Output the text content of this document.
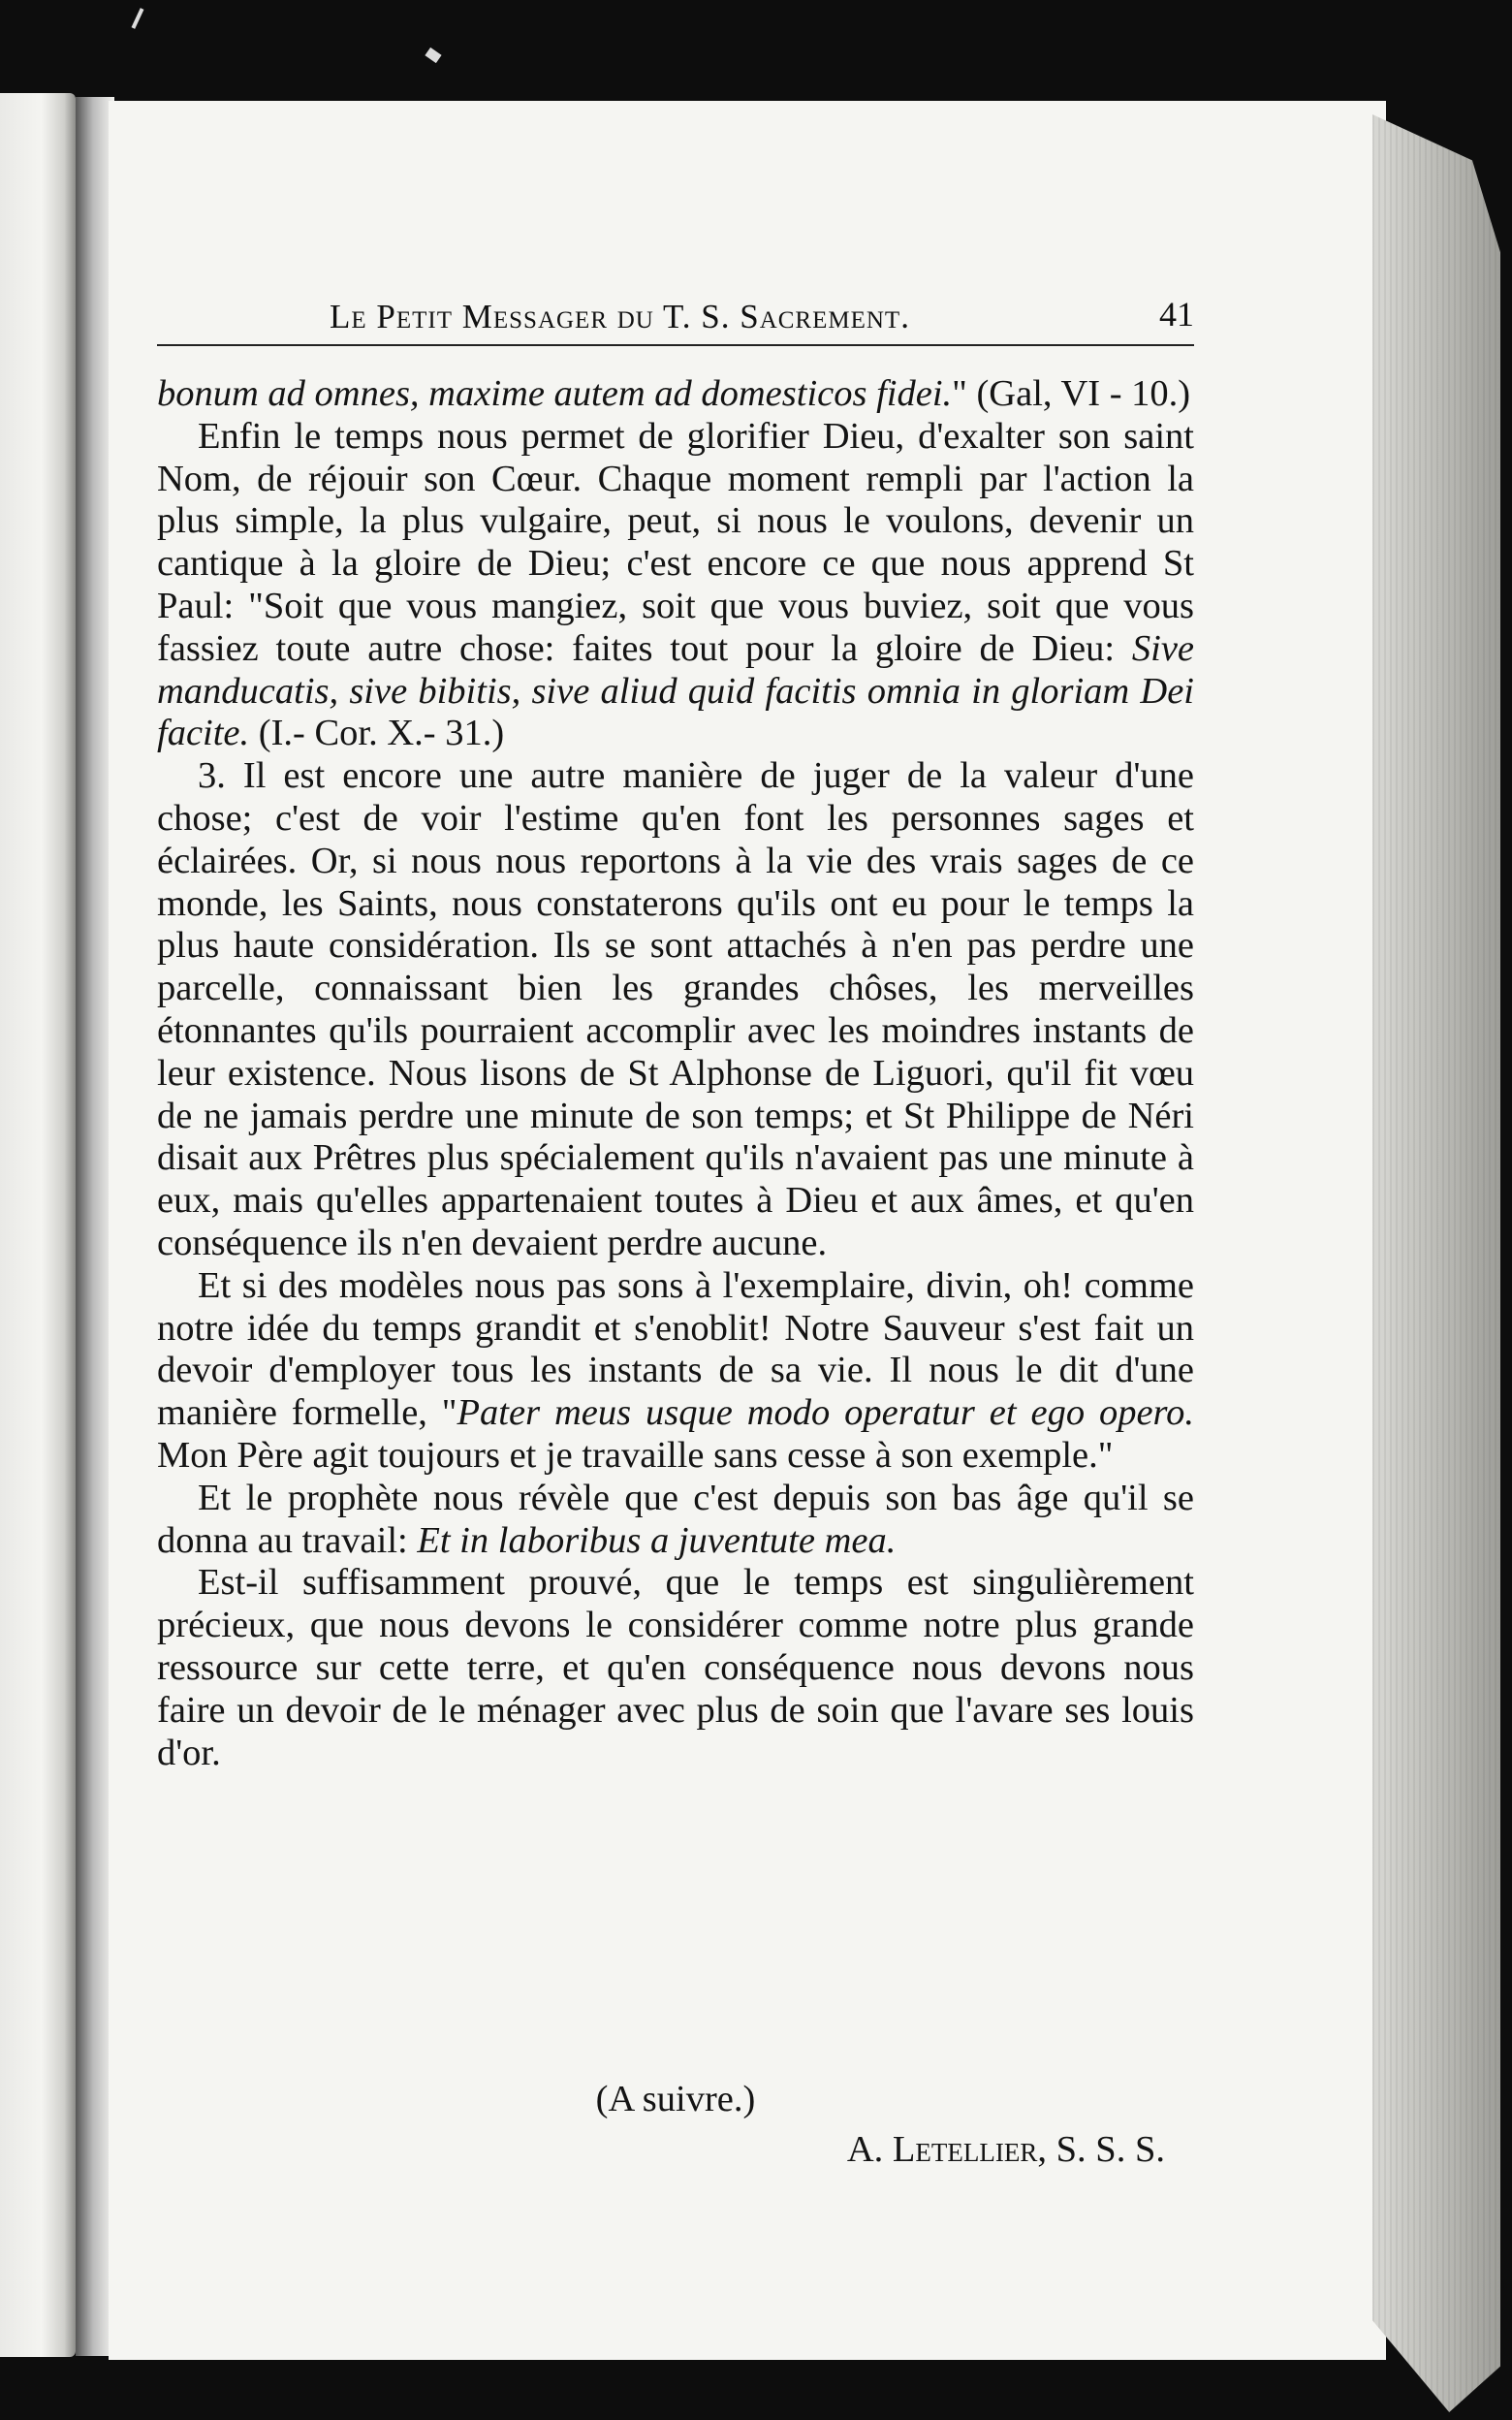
Le Petit Messager du T. S. Sacrement.	41

bonum ad omnes, maxime autem ad domesticos fidei." (Gal, VI - 10.)

Enfin le temps nous permet de glorifier Dieu, d'exalter son saint Nom, de réjouir son Cœur. Chaque moment rempli par l'action la plus simple, la plus vulgaire, peut, si nous le voulons, devenir un cantique à la gloire de Dieu; c'est encore ce que nous apprend St Paul: "Soit que vous mangiez, soit que vous buviez, soit que vous fassiez toute autre chose: faites tout pour la gloire de Dieu: Sive manducatis, sive bibitis, sive aliud quid facitis omnia in gloriam Dei facite. (I.- Cor. X.- 31.)

3. Il est encore une autre manière de juger de la valeur d'une chose; c'est de voir l'estime qu'en font les personnes sages et éclairées. Or, si nous nous reportons à la vie des vrais sages de ce monde, les Saints, nous constaterons qu'ils ont eu pour le temps la plus haute considération. Ils se sont attachés à n'en pas perdre une parcelle, connaissant bien les grandes chôses, les merveilles étonnantes qu'ils pourraient accomplir avec les moindres instants de leur existence. Nous lisons de St Alphonse de Liguori, qu'il fit vœu de ne jamais perdre une minute de son temps; et St Philippe de Néri disait aux Prêtres plus spécialement qu'ils n'avaient pas une minute à eux, mais qu'elles appartenaient toutes à Dieu et aux âmes, et qu'en conséquence ils n'en devaient perdre aucune.

Et si des modèles nous pas sons à l'exemplaire, divin, oh! comme notre idée du temps grandit et s'enoblit! Notre Sauveur s'est fait un devoir d'employer tous les instants de sa vie. Il nous le dit d'une manière formelle, "Pater meus usque modo operatur et ego opero. Mon Père agit toujours et je travaille sans cesse à son exemple."

Et le prophète nous révèle que c'est depuis son bas âge qu'il se donna au travail: Et in laboribus a juventute mea.

Est-il suffisamment prouvé, que le temps est singulièrement précieux, que nous devons le considérer comme notre plus grande ressource sur cette terre, et qu'en conséquence nous devons nous faire un devoir de le ménager avec plus de soin que l'avare ses louis d'or.

(A suivre.)
A. Letellier, S. S. S.
